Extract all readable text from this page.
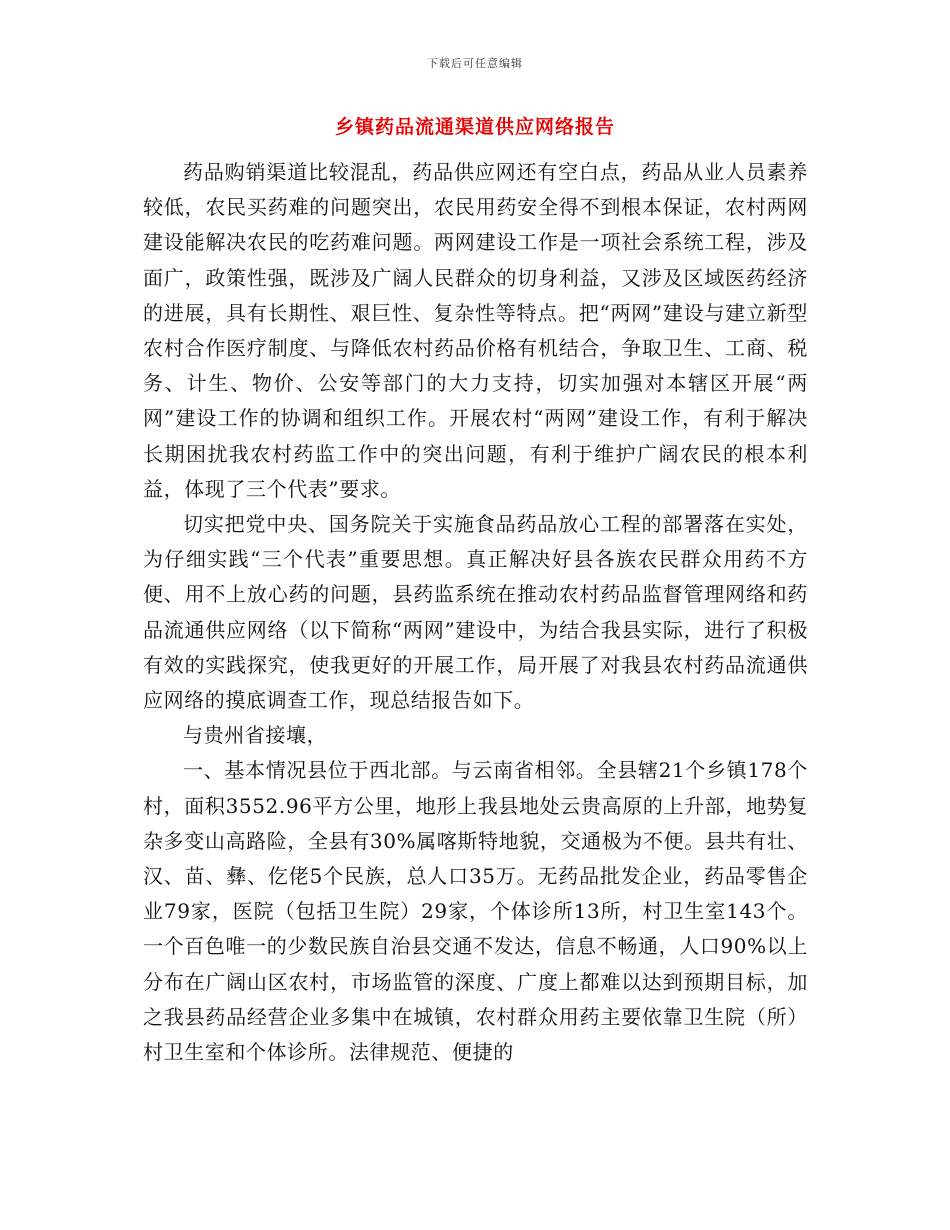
下载后可任意编辑
乡镇药品流通渠道供应网络报告

药品购销渠道比较混乱，药品供应网还有空白点，药品从业人员素养较低，农民买药难的问题突出，农民用药安全得不到根本保证，农村两网建设能解决农民的吃药难问题。两网建设工作是一项社会系统工程，涉及面广，政策性强，既涉及广阔人民群众的切身利益，又涉及区域医药经济的进展，具有长期性、艰巨性、复杂性等特点。把“两网”建设与建立新型农村合作医疗制度、与降低农村药品价格有机结合，争取卫生、工商、税务、计生、物价、公安等部门的大力支持，切实加强对本辖区开展“两网”建设工作的协调和组织工作。开展农村“两网”建设工作，有利于解决长期困扰我农村药监工作中的突出问题，有利于维护广阔农民的根本利益，体现了三个代表”要求。

切实把党中央、国务院关于实施食品药品放心工程的部署落在实处，为仔细实践“三个代表”重要思想。真正解决好县各族农民群众用药不方便、用不上放心药的问题，县药监系统在推动农村药品监督管理网络和药品流通供应网络（以下简称“两网”建设中，为结合我县实际，进行了积极有效的实践探究，使我更好的开展工作，局开展了对我县农村药品流通供应网络的摸底调查工作，现总结报告如下。

与贵州省接壤，

一、基本情况县位于西北部。与云南省相邻。全县辖21个乡镇178个村，面积3552.96平方公里，地形上我县地处云贵高原的上升部，地势复杂多变山高路险，全县有30%属喀斯特地貌，交通极为不便。县共有壮、汉、苗、彝、仡佬5个民族，总人口35万。无药品批发企业，药品零售企业79家，医院（包括卫生院）29家，个体诊所13所，村卫生室143个。一个百色唯一的少数民族自治县交通不发达，信息不畅通，人口90%以上分布在广阔山区农村，市场监管的深度、广度上都难以达到预期目标，加之我县药品经营企业多集中在城镇，农村群众用药主要依靠卫生院（所）村卫生室和个体诊所。法律规范、便捷的
